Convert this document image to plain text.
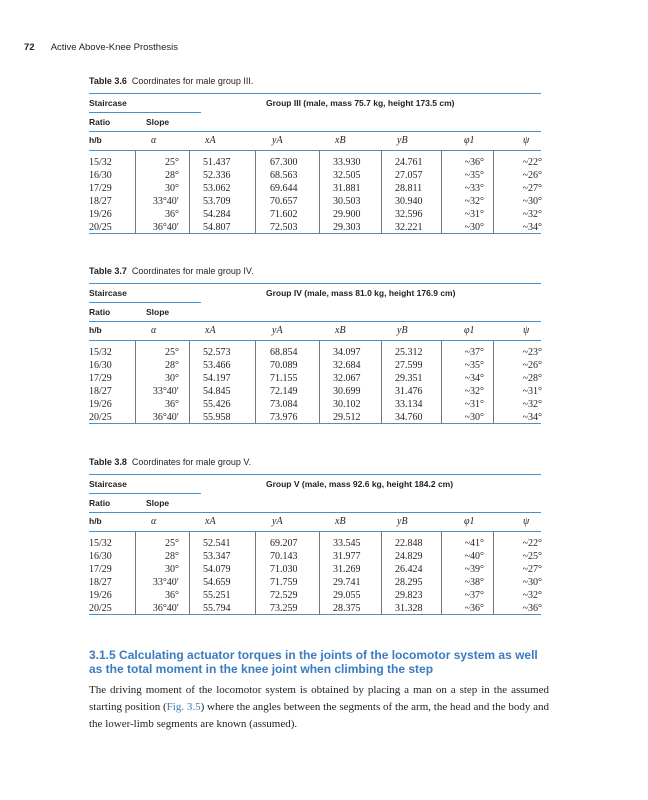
72 Active Above-Knee Prosthesis
Table 3.6 Coordinates for male group III.
Staircase	Group III (male, mass 75.7 kg, height 173.5 cm)
Ratio	Slope
h/b	α	xA	yA	xB	yB	φ1	ψ
15/32	25° 51.437	67.300	33.930	24.761	~36°	~22°
16/30	28° 52.336	68.563	32.505	27.057	~35°	~26°
17/29	30° 53.062	69.644	31.881	28.811	~33°	~27°
18/27	33°40′ 53.709	70.657	30.503	30.940	~32°	~30°
19/26	36° 54.284	71.602	29.900	32.596	~31°	~32°
20/25	36°40′ 54.807	72.503	29.303	32.221	~30°	~34°
Table 3.7 Coordinates for male group IV.
Staircase	Group IV (male, mass 81.0 kg, height 176.9 cm)
Ratio	Slope
h/b	α	xA	yA	xB	yB	φ1	ψ
15/32	25° 52.573	68.854	34.097	25.312	~37°	~23°
16/30	28° 53.466	70.089	32.684	27.599	~35°	~26°
17/29	30° 54.197	71.155	32.067	29.351	~34°	~28°
18/27	33°40′ 54.845	72.149	30.699	31.476	~32°	~31°
19/26	36° 55.426	73.084	30.102	33.134	~31°	~32°
20/25	36°40′ 55.958	73.976	29.512	34.760	~30°	~34°
Table 3.8 Coordinates for male group V.
Staircase	Group V (male, mass 92.6 kg, height 184.2 cm)
Ratio	Slope
h/b	α	xA	yA	xB	yB	φ1	ψ
15/32	25° 52.541	69.207	33.545	22.848	~41°	~22°
16/30	28° 53.347	70.143	31.977	24.829	~40°	~25°
17/29	30° 54.079	71.030	31.269	26.424	~39°	~27°
18/27	33°40′ 54.659	71.759	29.741	28.295	~38°	~30°
19/26	36° 55.251	72.529	29.055	29.823	~37°	~32°
20/25	36°40′ 55.794	73.259	28.375	31.328	~36°	~36°
3.1.5 Calculating actuator torques in the joints of the locomotor system as well as the total moment in the knee joint when climbing the step

The driving moment of the locomotor system is obtained by placing a man on a step in the assumed starting position (Fig. 3.5) where the angles between the segments of the arm, the head and the body and the lower-limb segments are known (assumed).
